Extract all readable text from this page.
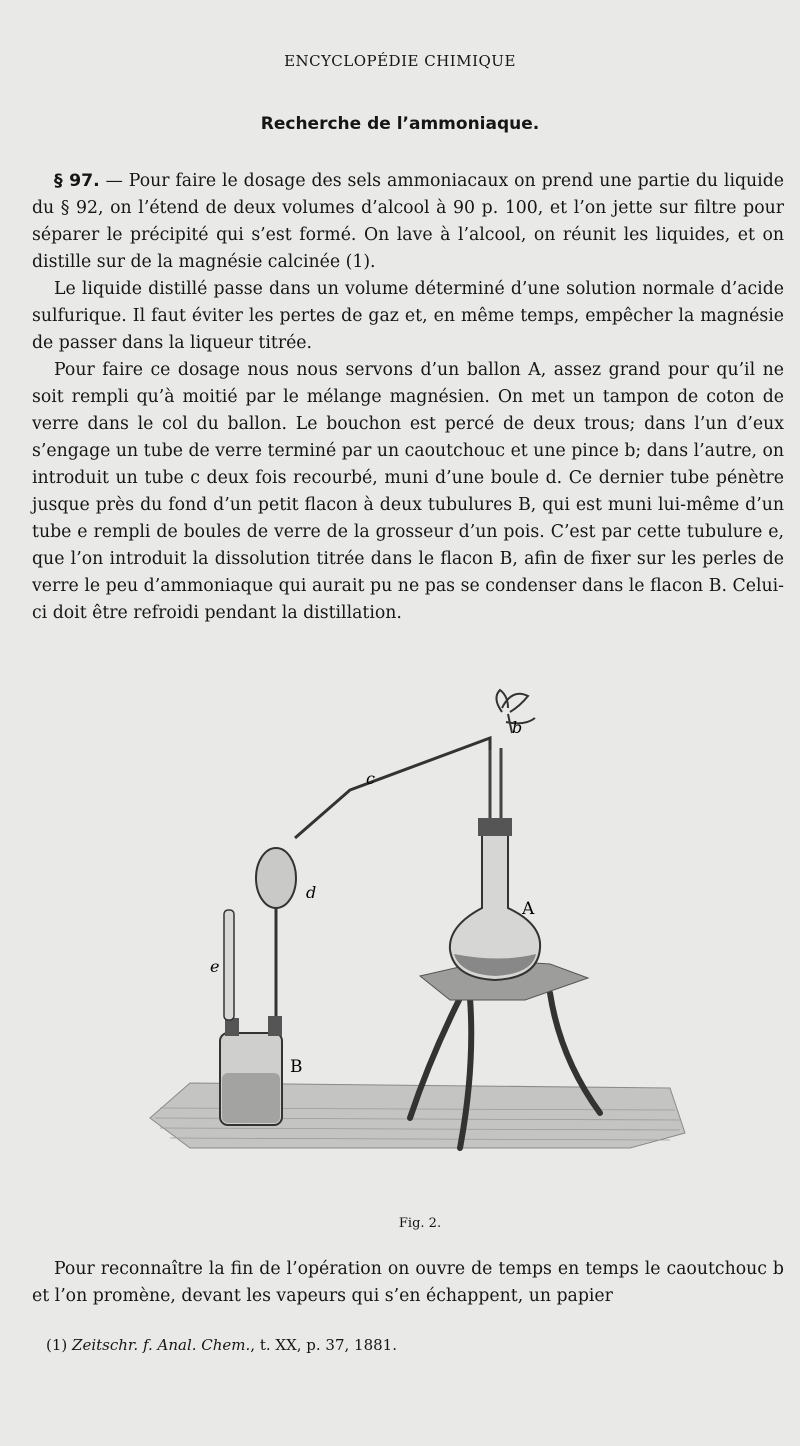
ENCYCLOPÉDIE CHIMIQUE
Recherche de l’ammoniaque.

§ 97. — Pour faire le dosage des sels ammoniacaux on prend une partie du liquide du § 92, on l’étend de deux volumes d’alcool à 90 p. 100, et l’on jette sur filtre pour séparer le précipité qui s’est formé. On lave à l’alcool, on réunit les liquides, et on distille sur de la magnésie calcinée (1).

Le liquide distillé passe dans un volume déterminé d’une solution normale d’acide sulfurique. Il faut éviter les pertes de gaz et, en même temps, empêcher la magnésie de passer dans la liqueur titrée.

Pour faire ce dosage nous nous servons d’un ballon A, assez grand pour qu’il ne soit rempli qu’à moitié par le mélange magnésien. On met un tampon de coton de verre dans le col du ballon. Le bouchon est percé de deux trous; dans l’un d’eux s’engage un tube de verre terminé par un caoutchouc et une pince b; dans l’autre, on introduit un tube c deux fois recourbé, muni d’une boule d. Ce dernier tube pénètre jusque près du fond d’un petit flacon à deux tubulures B, qui est muni lui-même d’un tube e rempli de boules de verre de la grosseur d’un pois. C’est par cette tubulure e, que l’on introduit la dissolution titrée dans le flacon B, afin de fixer sur les perles de verre le peu d’ammoniaque qui aurait pu ne pas se condenser dans le flacon B. Celui-ci doit être refroidi pendant la distillation.

b
c
d
e
A
B
Fig. 2.

Pour reconnaître la fin de l’opération on ouvre de temps en temps le caoutchouc b et l’on promène, devant les vapeurs qui s’en échappent, un papier

(1) Zeitschr. f. Anal. Chem., t. XX, p. 37, 1881.
